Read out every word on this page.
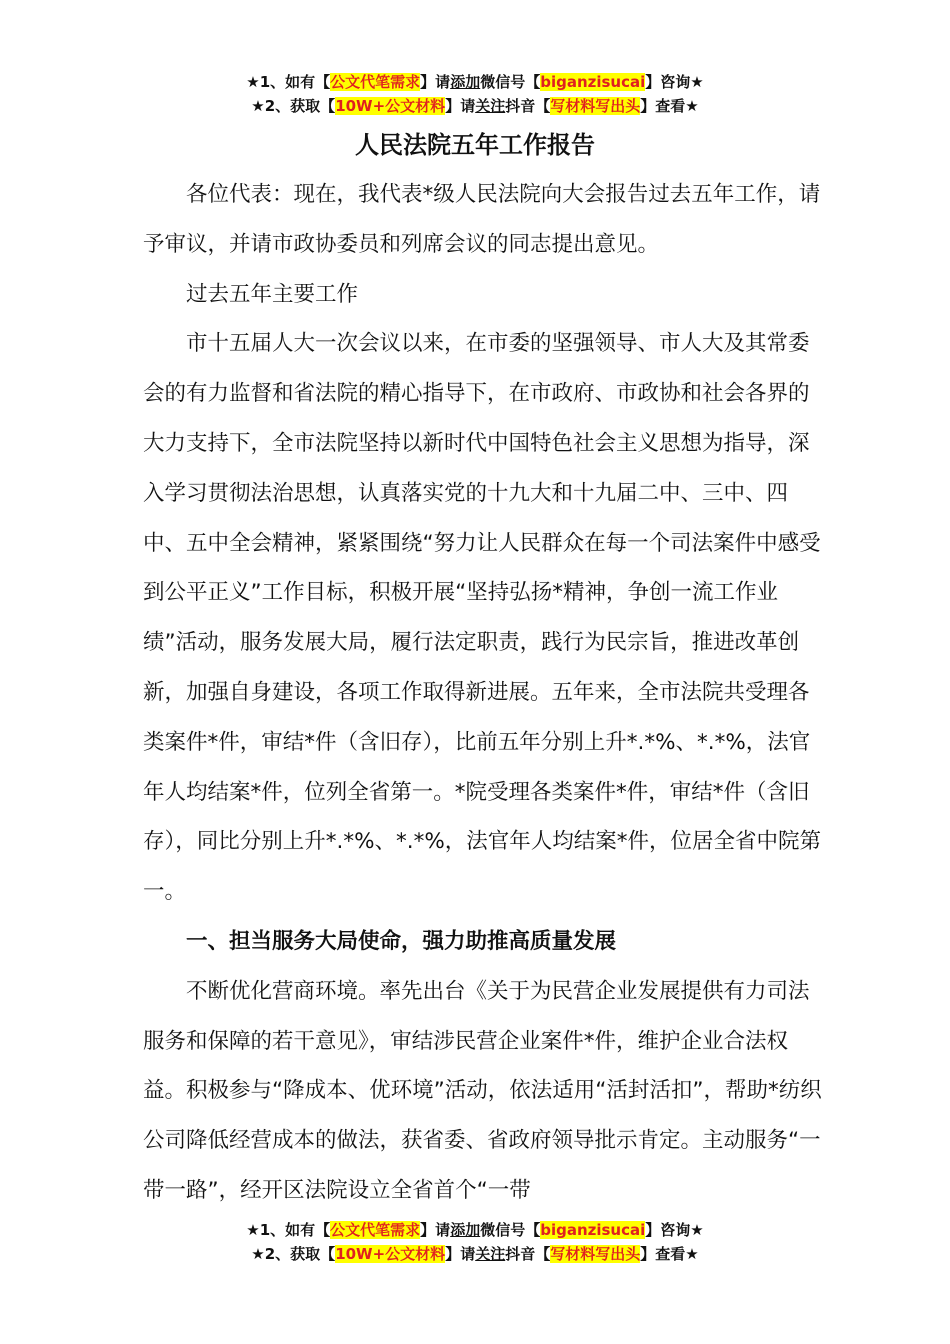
★1、如有【公文代笔需求】请添加微信号【biganzisucai】咨询★
★2、获取【10W+公文材料】请关注抖音【写材料写出头】查看★
人民法院五年工作报告

各位代表：现在，我代表*级人民法院向大会报告过去五年工作，请予审议，并请市政协委员和列席会议的同志提出意见。

过去五年主要工作

市十五届人大一次会议以来，在市委的坚强领导、市人大及其常委会的有力监督和省法院的精心指导下，在市政府、市政协和社会各界的大力支持下，全市法院坚持以新时代中国特色社会主义思想为指导，深入学习贯彻法治思想，认真落实党的十九大和十九届二中、三中、四中、五中全会精神，紧紧围绕“努力让人民群众在每一个司法案件中感受到公平正义”工作目标，积极开展“坚持弘扬*精神，争创一流工作业绩”活动，服务发展大局，履行法定职责，践行为民宗旨，推进改革创新，加强自身建设，各项工作取得新进展。五年来，全市法院共受理各类案件*件，审结*件（含旧存），比前五年分别上升*.*%、*.*%，法官年人均结案*件，位列全省第一。*院受理各类案件*件，审结*件（含旧存），同比分别上升*.*%、*.*%，法官年人均结案*件，位居全省中院第一。

一、担当服务大局使命，强力助推高质量发展

不断优化营商环境。率先出台《关于为民营企业发展提供有力司法服务和保障的若干意见》，审结涉民营企业案件*件，维护企业合法权益。积极参与“降成本、优环境”活动，依法适用“活封活扣”，帮助*纺织公司降低经营成本的做法，获省委、省政府领导批示肯定。主动服务“一带一路”，经开区法院设立全省首个“一带

★1、如有【公文代笔需求】请添加微信号【biganzisucai】咨询★
★2、获取【10W+公文材料】请关注抖音【写材料写出头】查看★
